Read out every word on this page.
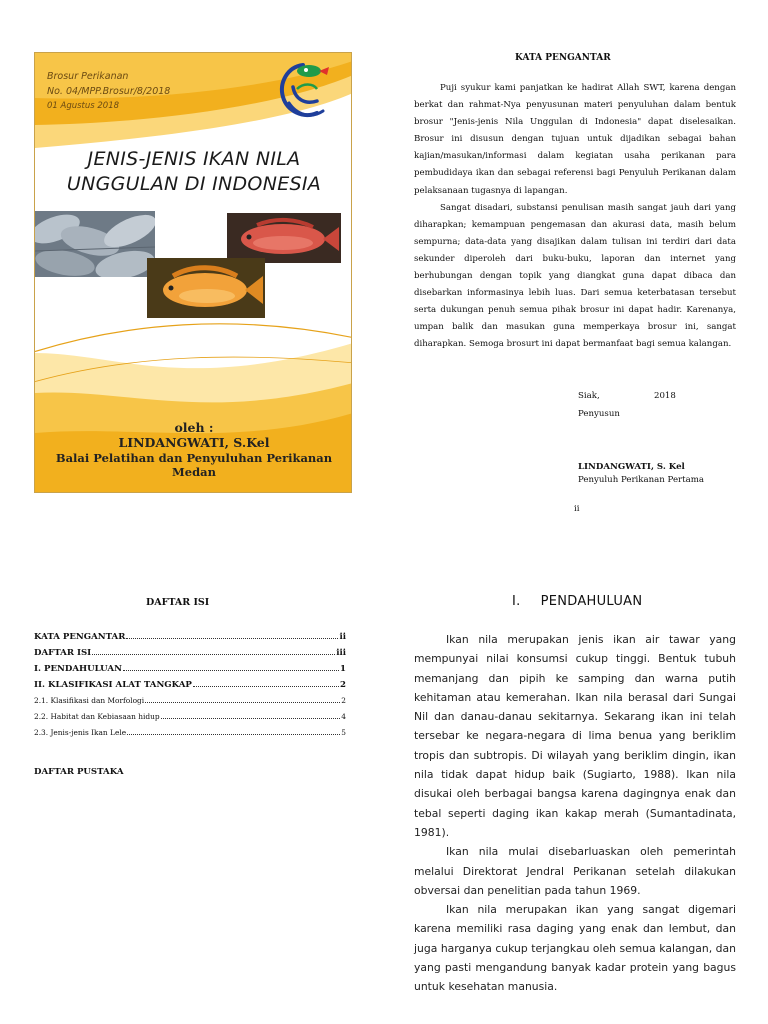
Brosur Perikanan
No. 04/MPP.Brosur/8/2018
01 Agustus 2018
JENIS-JENIS IKAN NILA
UNGGULAN DI INDONESIA
oleh :
LINDANGWATI, S.Kel
Balai Pelatihan dan Penyuluhan Perikanan Medan
KATA PENGANTAR

Puji syukur kami panjatkan ke hadirat Allah SWT, karena dengan berkat dan rahmat-Nya penyusunan materi penyuluhan dalam bentuk brosur "Jenis-jenis Nila Unggulan di Indonesia" dapat diselesaikan. Brosur ini disusun dengan tujuan untuk dijadikan sebagai bahan kajian/masukan/informasi dalam kegiatan usaha perikanan para pembudidaya ikan dan sebagai referensi bagi Penyuluh Perikanan dalam pelaksanaan tugasnya di lapangan.

Sangat disadari, substansi penulisan masih sangat jauh dari yang diharapkan; kemampuan pengemasan dan akurasi data, masih belum sempurna; data-data yang disajikan dalam tulisan ini terdiri dari data sekunder diperoleh dari buku-buku, laporan dan internet yang berhubungan dengan topik yang diangkat guna dapat dibaca dan disebarkan informasinya lebih luas. Dari semua keterbatasan tersebut serta dukungan penuh semua pihak brosur ini dapat hadir. Karenanya, umpan balik dan masukan guna memperkaya brosur ini, sangat diharapkan. Semoga brosurt ini dapat bermanfaat bagi semua kalangan.

Siak,	2018
Penyusun
LINDANGWATI, S. Kel
Penyuluh Perikanan Pertama
ii
DAFTAR ISI
KATA PENGANTAR	ii
DAFTAR ISI	iii
I. PENDAHULUAN	1
II. KLASIFIKASI ALAT TANGKAP	2
2.1. Klasifikasi dan Morfologi	2
2.2. Habitat dan Kebiasaan hidup	4
2.3. Jenis-jenis Ikan Lele	5
DAFTAR PUSTAKA
I. PENDAHULUAN

Ikan nila merupakan jenis ikan air tawar yang mempunyai nilai konsumsi cukup tinggi. Bentuk tubuh memanjang dan pipih ke samping dan warna putih kehitaman atau kemerahan. Ikan nila berasal dari Sungai Nil dan danau-danau sekitarnya. Sekarang ikan ini telah tersebar ke negara-negara di lima benua yang beriklim tropis dan subtropis. Di wilayah yang beriklim dingin, ikan nila tidak dapat hidup baik (Sugiarto, 1988). Ikan nila disukai oleh berbagai bangsa karena dagingnya enak dan tebal seperti daging ikan kakap merah (Sumantadinata, 1981).

Ikan nila mulai disebarluaskan oleh pemerintah melalui Direktorat Jendral Perikanan setelah dilakukan obversai dan penelitian pada tahun 1969.

Ikan nila merupakan ikan yang sangat digemari karena memiliki rasa daging yang enak dan lembut, dan juga harganya cukup terjangkau oleh semua kalangan, dan yang pasti mengandung banyak kadar protein yang bagus untuk kesehatan manusia.
